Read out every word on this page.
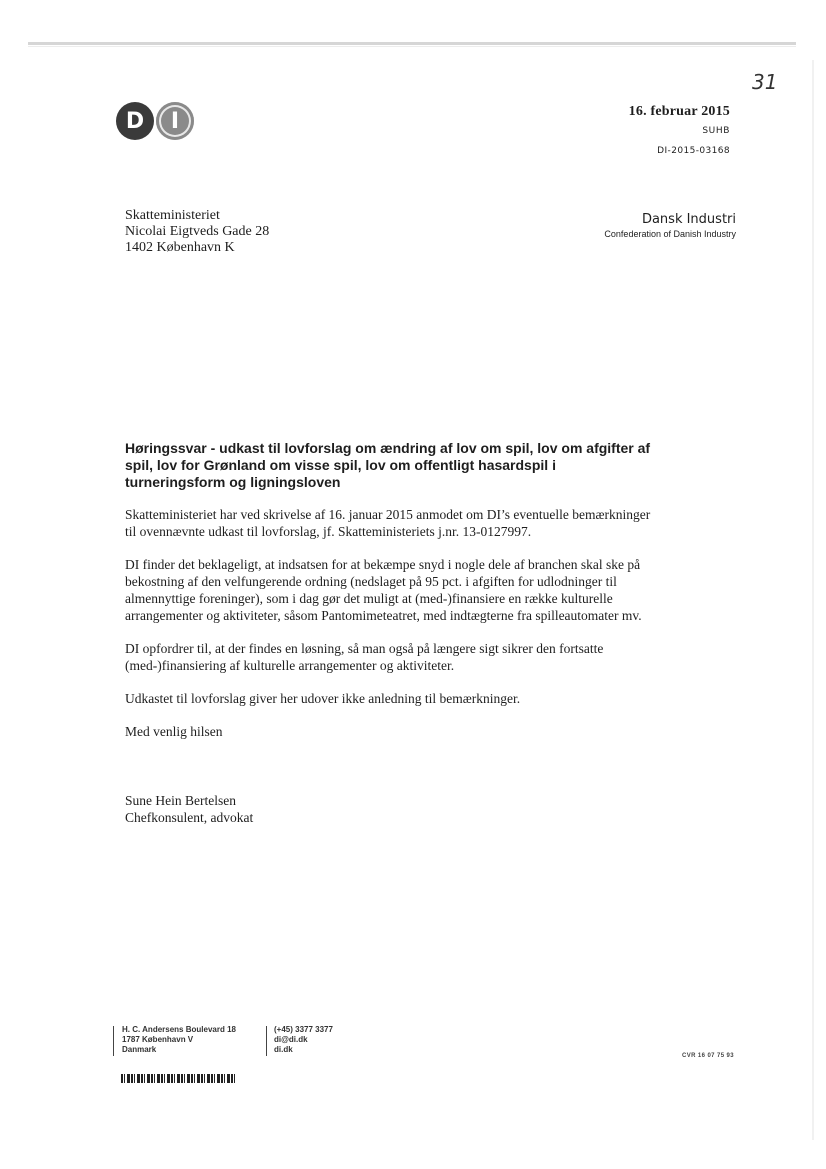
31
D	I	16. februar 2015
SUHB
DI-2015-03168
Skatteministeriet
Nicolai Eigtveds Gade 28
1402 København K
Dansk Industri
Confederation of Danish Industry
Høringssvar - udkast til lovforslag om ændring af lov om spil, lov om afgifter af spil, lov for Grønland om visse spil, lov om offentligt hasardspil i turneringsform og ligningsloven

Skatteministeriet har ved skrivelse af 16. januar 2015 anmodet om DI’s eventuelle bemærkninger til ovennævnte udkast til lovforslag, jf. Skatteministeriets j.nr. 13-0127997.

DI finder det beklageligt, at indsatsen for at bekæmpe snyd i nogle dele af branchen skal ske på bekostning af den velfungerende ordning (nedslaget på 95 pct. i afgiften for udlodninger til almennyttige foreninger), som i dag gør det muligt at (med-)finansiere en række kulturelle arrangementer og aktiviteter, såsom Pantomimeteatret, med indtægterne fra spilleautomater mv.

DI opfordrer til, at der findes en løsning, så man også på længere sigt sikrer den fortsatte (med-)finansiering af kulturelle arrangementer og aktiviteter.

Udkastet til lovforslag giver her udover ikke anledning til bemærkninger.

Med venlig hilsen

Sune Hein Bertelsen
Chefkonsulent, advokat
H. C. Andersens Boulevard 18
1787 København V
Danmark
(+45) 3377 3377
di@di.dk
di.dk
CVR 16 07 75 93
